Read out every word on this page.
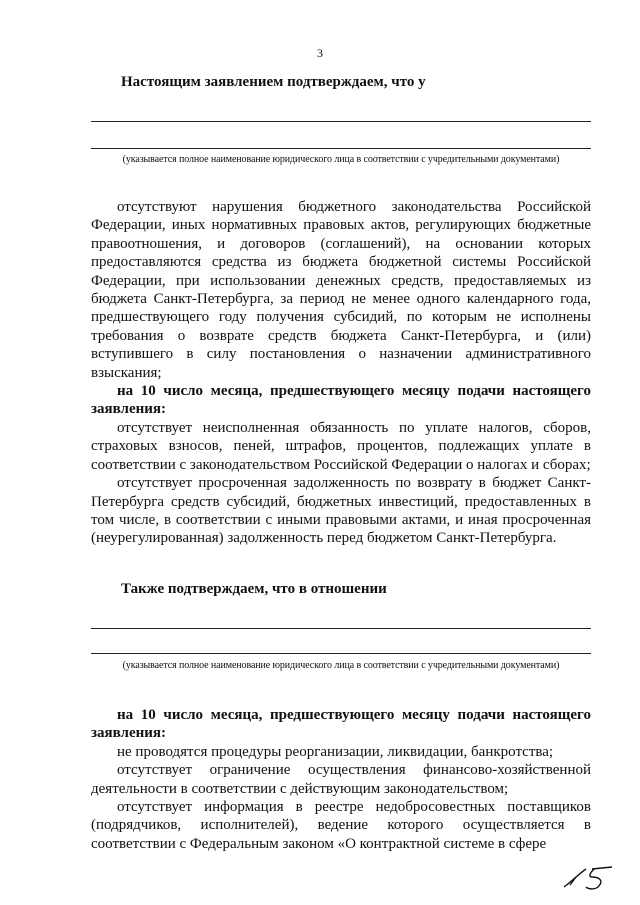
3
Настоящим заявлением подтверждаем, что у
(указывается полное наименование юридического лица в соответствии с учредительными документами)

отсутствуют нарушения бюджетного законодательства Российской Федерации, иных нормативных правовых актов, регулирующих бюджетные правоотношения, и договоров (соглашений), на основании которых предоставляются средства из бюджета бюджетной системы Российской Федерации, при использовании денежных средств, предоставляемых из бюджета Санкт-Петербурга, за период не менее одного календарного года, предшествующего году получения субсидий, по которым не исполнены требования о возврате средств бюджета Санкт-Петербурга, и (или) вступившего в силу постановления о назначении административного взыскания;

на 10 число месяца, предшествующего месяцу подачи настоящего заявления:

отсутствует неисполненная обязанность по уплате налогов, сборов, страховых взносов, пеней, штрафов, процентов, подлежащих уплате в соответствии с законодательством Российской Федерации о налогах и сборах;

отсутствует просроченная задолженность по возврату в бюджет Санкт-Петербурга средств субсидий, бюджетных инвестиций, предоставленных в том числе, в соответствии с иными правовыми актами, и иная просроченная (неурегулированная) задолженность перед бюджетом Санкт-Петербурга.

Также подтверждаем, что в отношении
(указывается полное наименование юридического лица в соответствии с учредительными документами)

на 10 число месяца, предшествующего месяцу подачи настоящего заявления:

не проводятся процедуры реорганизации, ликвидации, банкротства;

отсутствует ограничение осуществления финансово-хозяйственной деятельности в соответствии с действующим законодательством;

отсутствует информация в реестре недобросовестных поставщиков (подрядчиков, исполнителей), ведение которого осуществляется в соответствии с Федеральным законом «О контрактной системе в сфере
